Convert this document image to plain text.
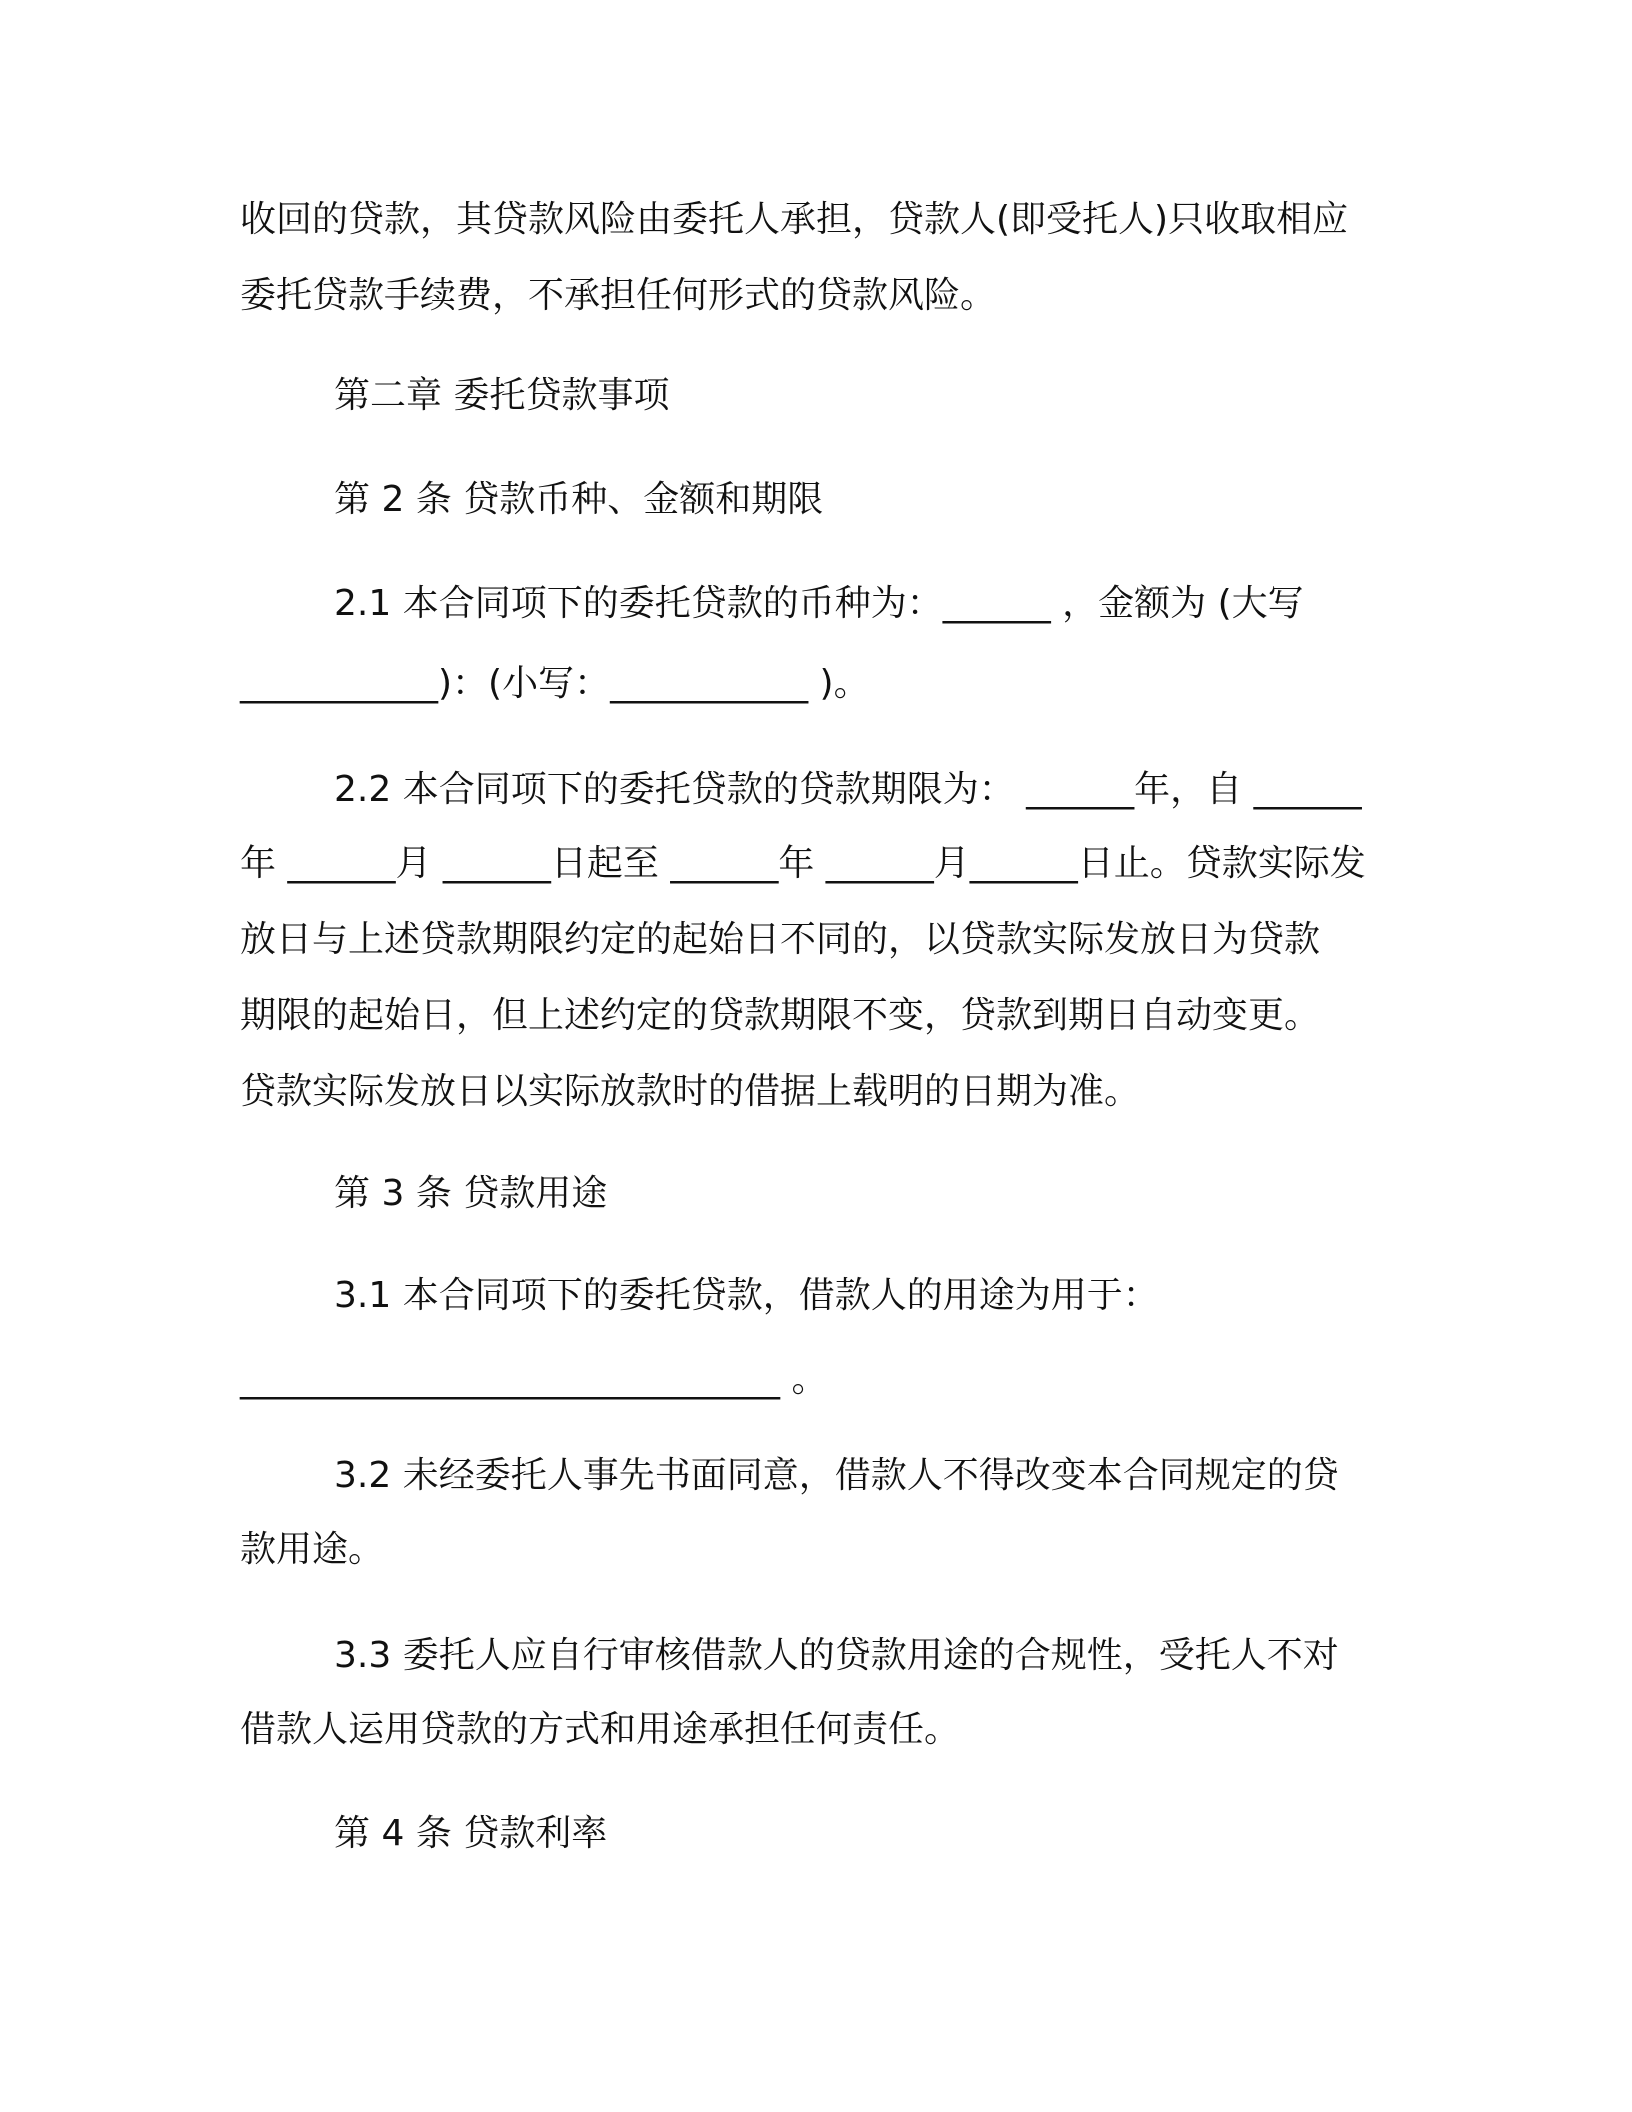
收回的贷款，其贷款风险由委托人承担，贷款人(即受托人)只收取相应
委托贷款手续费，不承担任何形式的贷款风险。
第二章 委托贷款事项
第 2 条 贷款币种、金额和期限
2.1 本合同项下的委托贷款的币种为：______ ，金额为 (大写
___________)：(小写：___________ )。
2.2 本合同项下的委托贷款的贷款期限为： ______年，自 ______
年 ______月 ______日起至 ______年 ______月______日止。贷款实际发
放日与上述贷款期限约定的起始日不同的，以贷款实际发放日为贷款
期限的起始日，但上述约定的贷款期限不变，贷款到期日自动变更。
贷款实际发放日以实际放款时的借据上载明的日期为准。
第 3 条 贷款用途
3.1 本合同项下的委托贷款，借款人的用途为用于：
______________________________ 。
3.2 未经委托人事先书面同意，借款人不得改变本合同规定的贷
款用途。
3.3 委托人应自行审核借款人的贷款用途的合规性，受托人不对
借款人运用贷款的方式和用途承担任何责任。
第 4 条 贷款利率
